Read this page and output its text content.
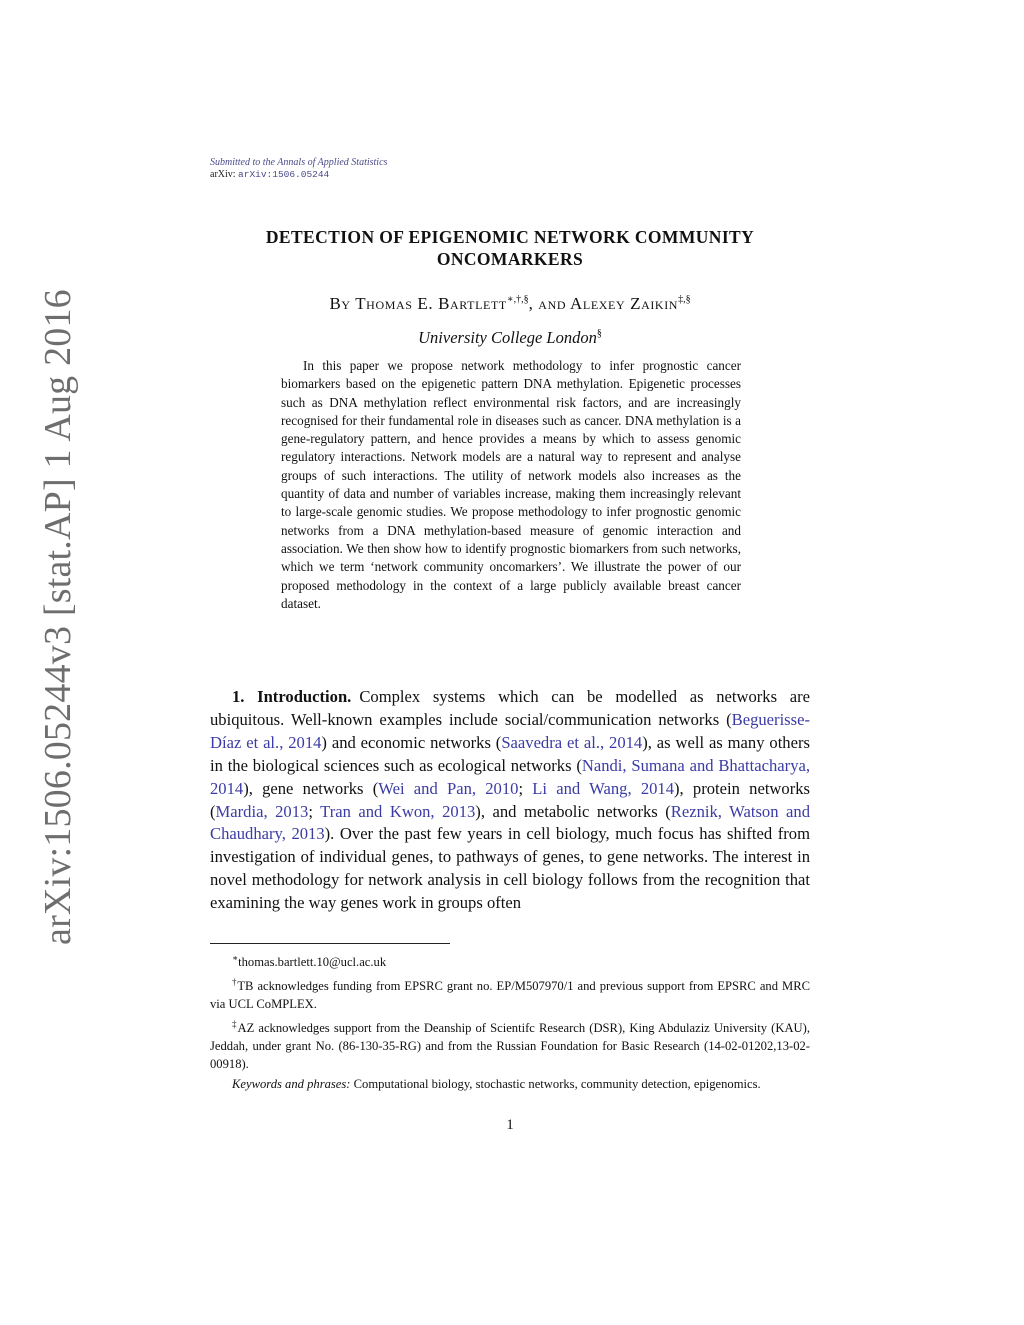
arXiv:1506.05244v3 [stat.AP] 1 Aug 2016
Submitted to the Annals of Applied Statistics
arXiv: arXiv:1506.05244
DETECTION OF EPIGENOMIC NETWORK COMMUNITY
ONCOMARKERS
By Thomas E. Bartlett∗,†,§, and Alexey Zaikin‡,§
University College London§
In this paper we propose network methodology to infer prognostic cancer biomarkers based on the epigenetic pattern DNA methylation. Epigenetic processes such as DNA methylation reflect environmental risk factors, and are increasingly recognised for their fundamental role in diseases such as cancer. DNA methylation is a gene-regulatory pattern, and hence provides a means by which to assess genomic regulatory interactions. Network models are a natural way to represent and analyse groups of such interactions. The utility of network models also increases as the quantity of data and number of variables increase, making them increasingly relevant to large-scale genomic studies. We propose methodology to infer prognostic genomic networks from a DNA methylation-based measure of genomic interaction and association. We then show how to identify prognostic biomarkers from such networks, which we term ‘network community oncomarkers’. We illustrate the power of our proposed methodology in the context of a large publicly available breast cancer dataset.
1. Introduction. Complex systems which can be modelled as networks are ubiquitous. Well-known examples include social/communication networks (Beguerisse-Díaz et al., 2014) and economic networks (Saavedra et al., 2014), as well as many others in the biological sciences such as ecological networks (Nandi, Sumana and Bhattacharya, 2014), gene networks (Wei and Pan, 2010; Li and Wang, 2014), protein networks (Mardia, 2013; Tran and Kwon, 2013), and metabolic networks (Reznik, Watson and Chaudhary, 2013). Over the past few years in cell biology, much focus has shifted from investigation of individual genes, to pathways of genes, to gene networks. The interest in novel methodology for network analysis in cell biology follows from the recognition that examining the way genes work in groups often

∗thomas.bartlett.10@ucl.ac.uk

†TB acknowledges funding from EPSRC grant no. EP/M507970/1 and previous support from EPSRC and MRC via UCL CoMPLEX.

‡AZ acknowledges support from the Deanship of Scientifc Research (DSR), King Abdulaziz University (KAU), Jeddah, under grant No. (86-130-35-RG) and from the Russian Foundation for Basic Research (14-02-01202,13-02-00918).

Keywords and phrases: Computational biology, stochastic networks, community detection, epigenomics.

1
